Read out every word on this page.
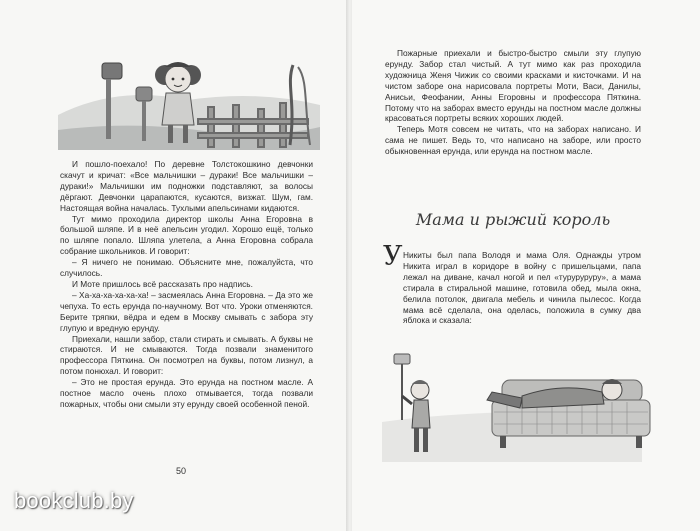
И пошло-поехало! По деревне Толстокошкино девчонки скачут и кричат: «Все мальчишки – дураки! Все мальчишки – дураки!» Мальчишки им подножки подставляют, за волосы дёргают. Девчонки царапаются, кусаются, визжат. Шум, гам. Настоящая война началась. Тухлыми апельсинами кидаются.

Тут мимо проходила директор школы Анна Егоровна в большой шляпе. И в неё апельсин угодил. Хорошо ещё, только по шляпе попало. Шляпа улетела, а Анна Егоровна собрала собрание школьников. И говорит:

– Я ничего не понимаю. Объясните мне, пожалуйста, что случилось.

И Моте пришлось всё рассказать про надпись.

– Ха-ха-ха-ха-ха-ха! – засмеялась Анна Егоровна. – Да это же чепуха. То есть ерунда по-научному. Вот что. Уроки отменяются. Берите тряпки, вёдра и едем в Москву смывать с забора эту глупую и вредную ерунду.

Приехали, нашли забор, стали стирать и смывать. А буквы не стираются. И не смываются. Тогда позвали знаменитого профессора Пяткина. Он посмотрел на буквы, потом лизнул, а потом понюхал. И говорит:

– Это не простая ерунда. Это ерунда на постном масле. А постное масло очень плохо отмывается, тогда позвали пожарных, чтобы они смыли эту ерунду своей особенной пеной.

50

Пожарные приехали и быстро-быстро смыли эту глупую ерунду. Забор стал чистый. А тут мимо как раз проходила художница Женя Чижик со своими красками и кисточками. И на чистом заборе она нарисовала портреты Моти, Васи, Данилы, Анисьи, Феофании, Анны Егоровны и профессора Пяткина. Потому что на заборах вместо ерунды на постном масле должны красоваться портреты всяких хороших людей.

Теперь Мотя совсем не читать, что на заборах написано. И сама не пишет. Ведь то, что написано на заборе, или просто обыкновенная ерунда, или ерунда на постном масле.

Мама и рыжий король
У Никиты был папа Володя и мама Оля. Однажды утром Никита играл в коридоре в войну с пришельцами, папа лежал на диване, качал ногой и пел «турурурурy», а мама стирала в стиральной машине, готовила обед, мыла окна, белила потолок, двигала мебель и чинила пылесос. Когда мама всё сделала, она оделась, положила в сумку два яблока и сказала:

bookclub.by
